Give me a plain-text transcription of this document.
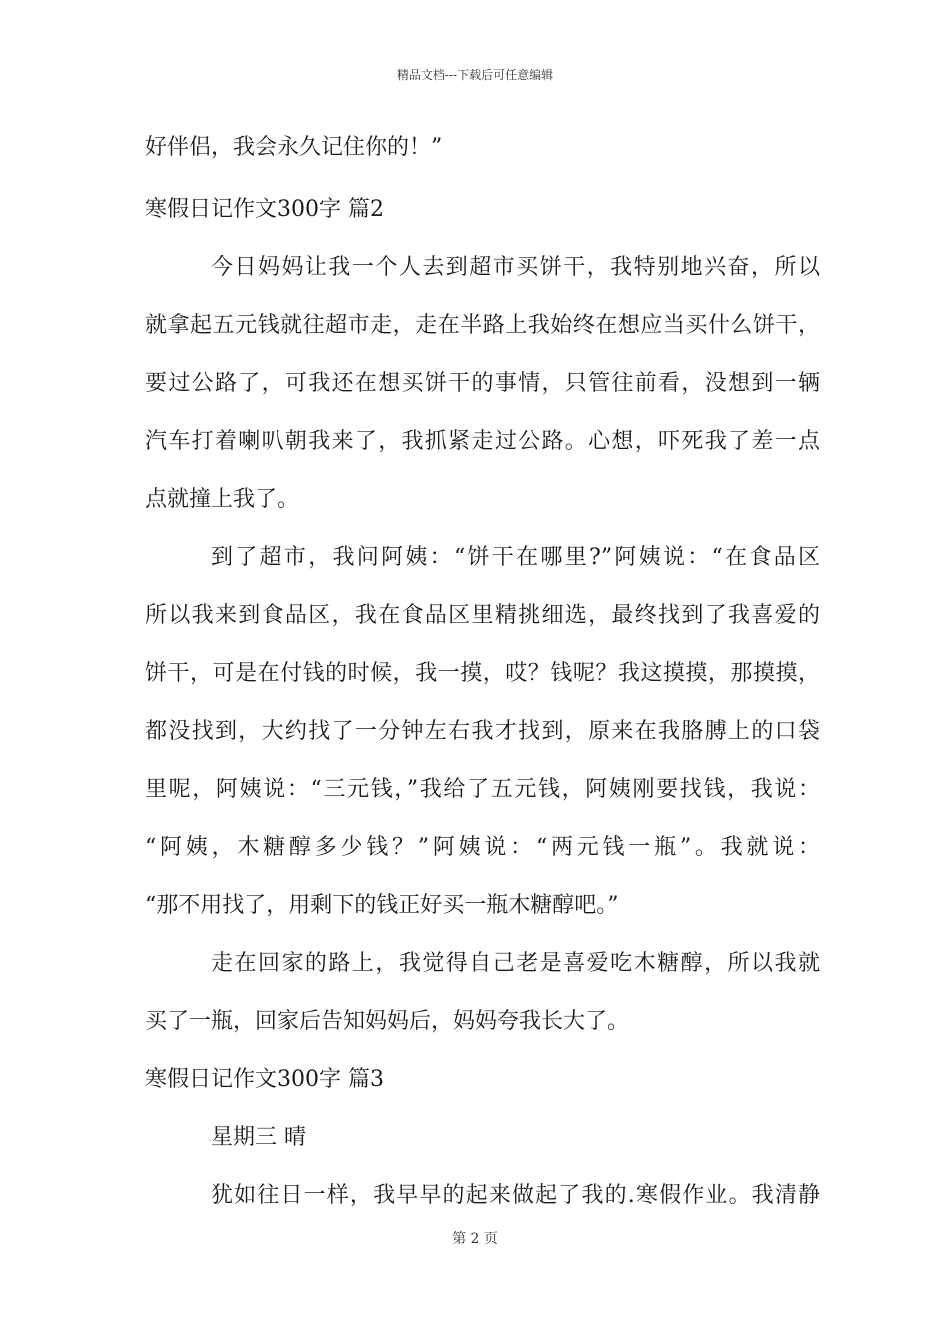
精品文档---下载后可任意编辑
好伴侣，我会永久记住你的！”
寒假日记作文300字 篇2
今日妈妈让我一个人去到超市买饼干，我特别地兴奋，所以
就拿起五元钱就往超市走，走在半路上我始终在想应当买什么饼干，
要过公路了，可我还在想买饼干的事情，只管往前看，没想到一辆
汽车打着喇叭朝我来了，我抓紧走过公路。心想，吓死我了差一点
点就撞上我了。
到了超市，我问阿姨：“饼干在哪里?”阿姨说：“在食品区
所以我来到食品区，我在食品区里精挑细选，最终找到了我喜爱的
饼干，可是在付钱的时候，我一摸，哎？钱呢？我这摸摸，那摸摸，
都没找到，大约找了一分钟左右我才找到，原来在我胳膊上的口袋
里呢，阿姨说：“三元钱，”我给了五元钱，阿姨刚要找钱，我说：
“阿姨，木糖醇多少钱？”阿姨说：“两元钱一瓶”。我就说：
“那不用找了，用剩下的钱正好买一瓶木糖醇吧。”
走在回家的路上，我觉得自己老是喜爱吃木糖醇，所以我就
买了一瓶，回家后告知妈妈后，妈妈夸我长大了。
寒假日记作文300字 篇3
星期三 晴
犹如往日一样，我早早的起来做起了我的.寒假作业。我清静
第 2 页
